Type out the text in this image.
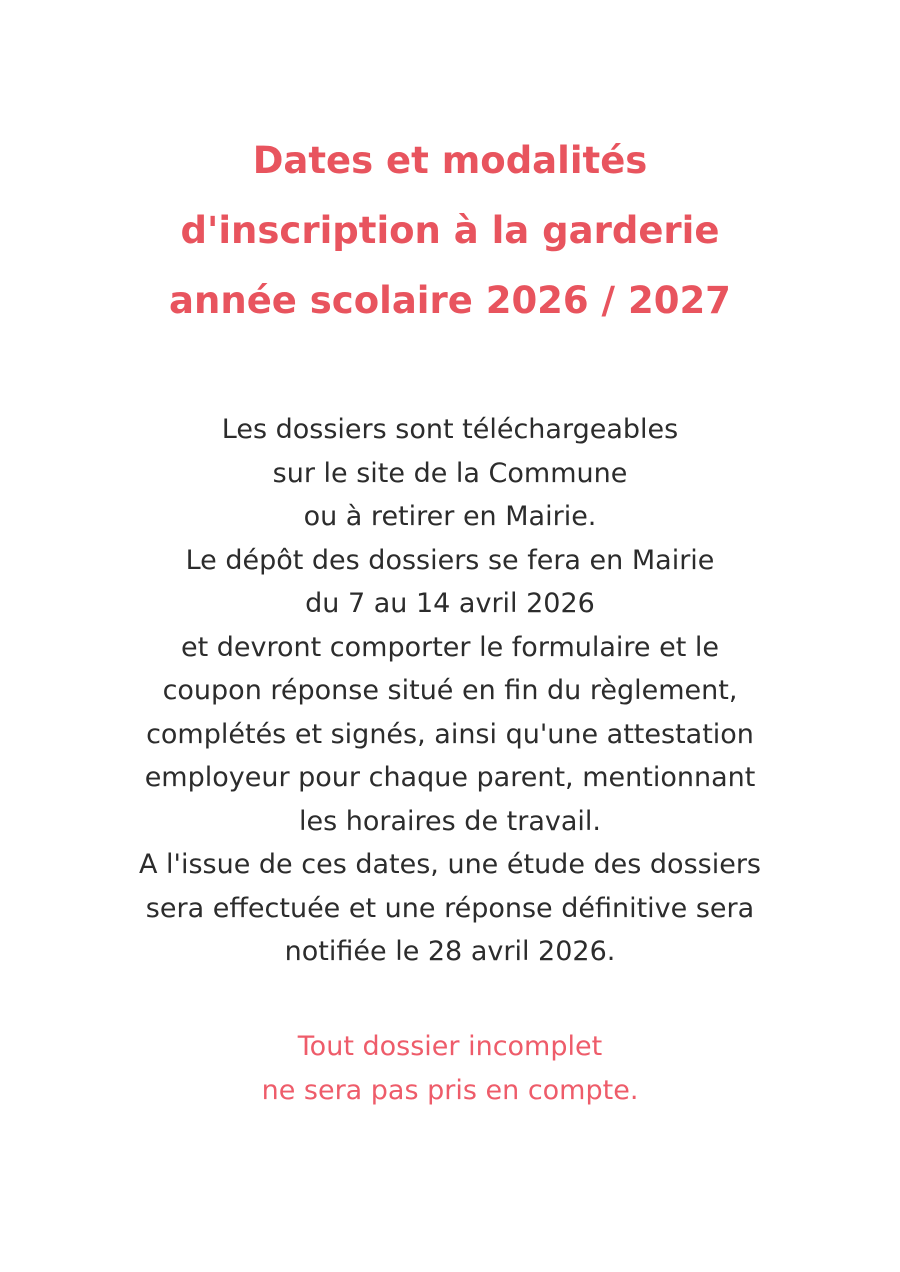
Dates et modalités
d'inscription à la garderie
année scolaire 2026 / 2027
Les dossiers sont téléchargeables
sur le site de la Commune
ou à retirer en Mairie.
Le dépôt des dossiers se fera en Mairie
du 7 au 14 avril 2026
et devront comporter le formulaire et le
coupon réponse situé en fin du règlement,
complétés et signés, ainsi qu'une attestation
employeur pour chaque parent, mentionnant
les horaires de travail.
A l'issue de ces dates, une étude des dossiers
sera effectuée et une réponse définitive sera
notifiée le 28 avril 2026.
Tout dossier incomplet
ne sera pas pris en compte.
